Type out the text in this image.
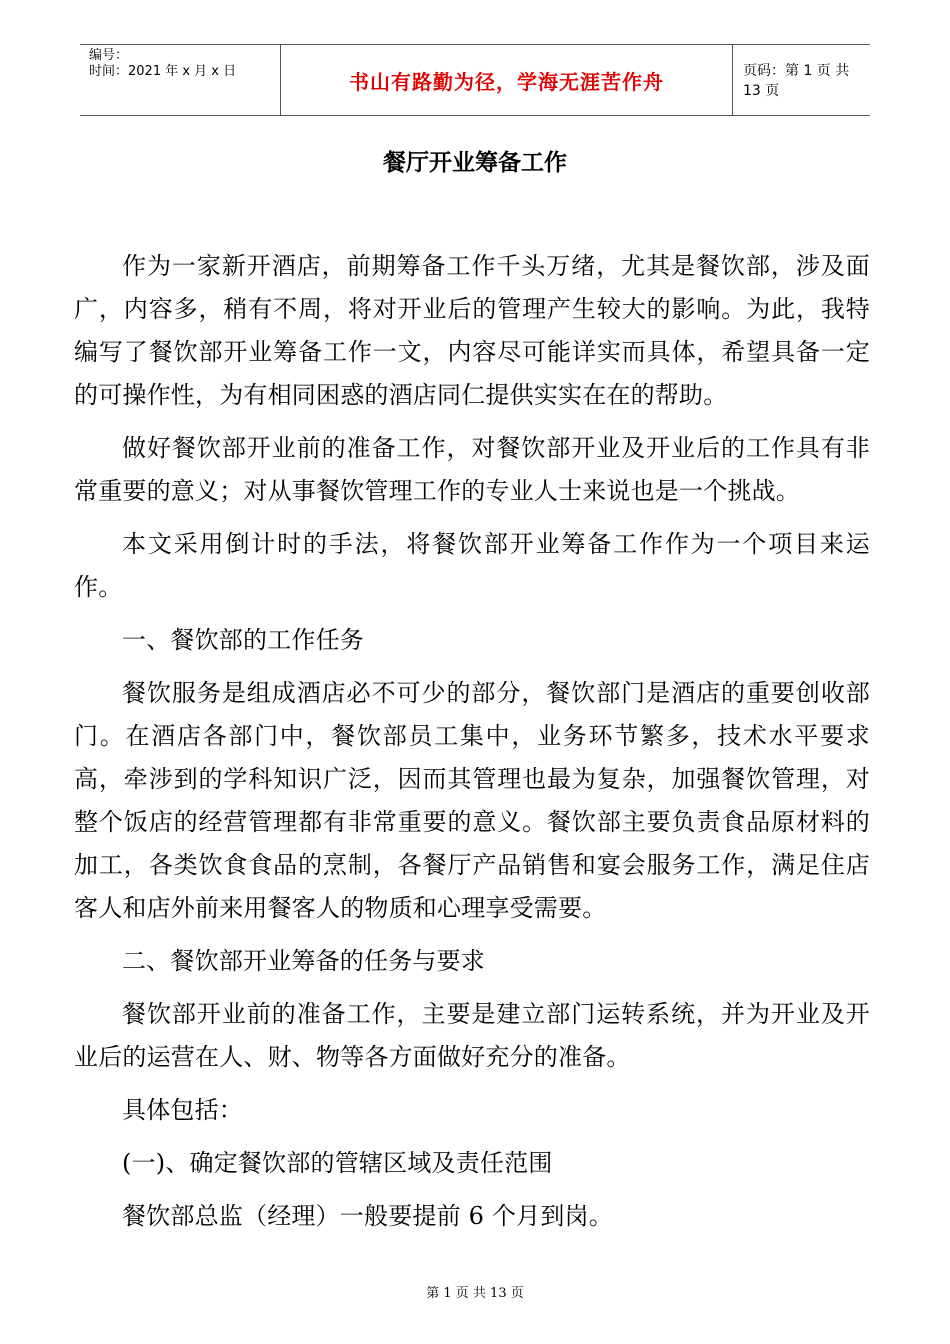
编号：
时间：2021 年 x 月 x 日	书山有路勤为径，学海无涯苦作舟	页码：第 1 页 共 13 页
餐厅开业筹备工作

作为一家新开酒店，前期筹备工作千头万绪，尤其是餐饮部，涉及面广，内容多，稍有不周，将对开业后的管理产生较大的影响。为此，我特编写了餐饮部开业筹备工作一文，内容尽可能详实而具体，希望具备一定的可操作性，为有相同困惑的酒店同仁提供实实在在的帮助。

做好餐饮部开业前的准备工作，对餐饮部开业及开业后的工作具有非常重要的意义；对从事餐饮管理工作的专业人士来说也是一个挑战。

本文采用倒计时的手法，将餐饮部开业筹备工作作为一个项目来运作。

一、餐饮部的工作任务

餐饮服务是组成酒店必不可少的部分，餐饮部门是酒店的重要创收部门。在酒店各部门中，餐饮部员工集中，业务环节繁多，技术水平要求高，牵涉到的学科知识广泛，因而其管理也最为复杂，加强餐饮管理，对整个饭店的经营管理都有非常重要的意义。餐饮部主要负责食品原材料的加工，各类饮食食品的烹制，各餐厅产品销售和宴会服务工作，满足住店客人和店外前来用餐客人的物质和心理享受需要。

二、餐饮部开业筹备的任务与要求

餐饮部开业前的准备工作，主要是建立部门运转系统，并为开业及开业后的运营在人、财、物等各方面做好充分的准备。

具体包括：

(一)、确定餐饮部的管辖区域及责任范围

餐饮部总监（经理）一般要提前 6 个月到岗。

第 1 页 共 13 页
